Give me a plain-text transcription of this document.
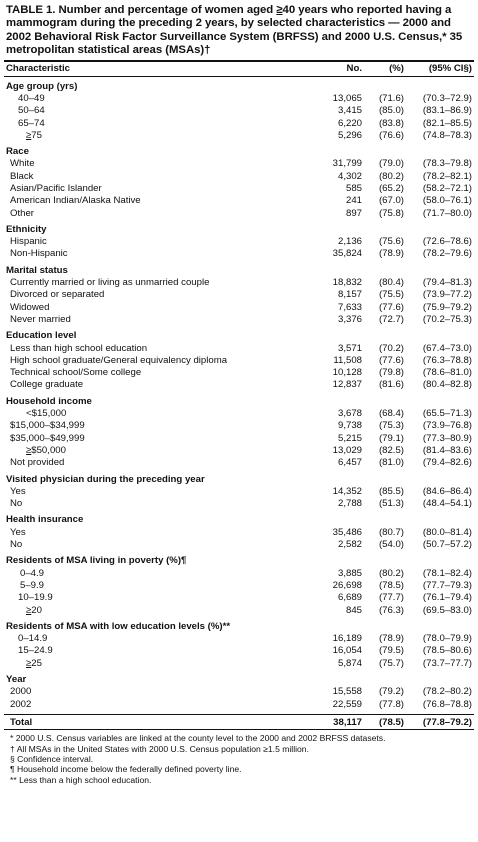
TABLE 1. Number and percentage of women aged ≥40 years who reported having a mammogram during the preceding 2 years, by selected characteristics — 2000 and 2002 Behavioral Risk Factor Surveillance System (BRFSS) and 2000 U.S. Census,* 35 metropolitan statistical areas (MSAs)†
Characteristic	No.	(%)	(95% CI§)

Age group (yrs)			
40–49	13,065	(71.6)	(70.3–72.9)
50–64	3,415	(85.0)	(83.1–86.9)
65–74	6,220	(83.8)	(82.1–85.5)
≥75	5,296	(76.6)	(74.8–78.3)
Race			
White	31,799	(79.0)	(78.3–79.8)
Black	4,302	(80.2)	(78.2–82.1)
Asian/Pacific Islander	585	(65.2)	(58.2–72.1)
American Indian/Alaska Native	241	(67.0)	(58.0–76.1)
Other	897	(75.8)	(71.7–80.0)
Ethnicity			
Hispanic	2,136	(75.6)	(72.6–78.6)
Non-Hispanic	35,824	(78.9)	(78.2–79.6)
Marital status			
Currently married or living as unmarried couple	18,832	(80.4)	(79.4–81.3)
Divorced or separated	8,157	(75.5)	(73.9–77.2)
Widowed	7,633	(77.6)	(75.9–79.2)
Never married	3,376	(72.7)	(70.2–75.3)
Education level			
Less than high school education	3,571	(70.2)	(67.4–73.0)
High school graduate/General equivalency diploma	11,508	(77.6)	(76.3–78.8)
Technical school/Some college	10,128	(79.8)	(78.6–81.0)
College graduate	12,837	(81.6)	(80.4–82.8)
Household income			
<$15,000	3,678	(68.4)	(65.5–71.3)
$15,000–$34,999	9,738	(75.3)	(73.9–76.8)
$35,000–$49,999	5,215	(79.1)	(77.3–80.9)
≥$50,000	13,029	(82.5)	(81.4–83.6)
Not provided	6,457	(81.0)	(79.4–82.6)
Visited physician during the preceding year			
Yes	14,352	(85.5)	(84.6–86.4)
No	2,788	(51.3)	(48.4–54.1)
Health insurance			
Yes	35,486	(80.7)	(80.0–81.4)
No	2,582	(54.0)	(50.7–57.2)
Residents of MSA living in poverty (%)¶			
0–4.9	3,885	(80.2)	(78.1–82.4)
5–9.9	26,698	(78.5)	(77.7–79.3)
10–19.9	6,689	(77.7)	(76.1–79.4)
≥20	845	(76.3)	(69.5–83.0)
Residents of MSA with low education levels (%)**			
0–14.9	16,189	(78.9)	(78.0–79.9)
15–24.9	16,054	(79.5)	(78.5–80.6)
≥25	5,874	(75.7)	(73.7–77.7)
Year			
2000	15,558	(79.2)	(78.2–80.2)
2002	22,559	(77.8)	(76.8–78.8)

Total	38,117	(78.5)	(77.8–79.2)
* 2000 U.S. Census variables are linked at the county level to the 2000 and 2002 BRFSS datasets.
† All MSAs in the United States with 2000 U.S. Census population ≥1.5 million.
§ Confidence interval.
¶ Household income below the federally defined poverty line.
** Less than a high school education.
